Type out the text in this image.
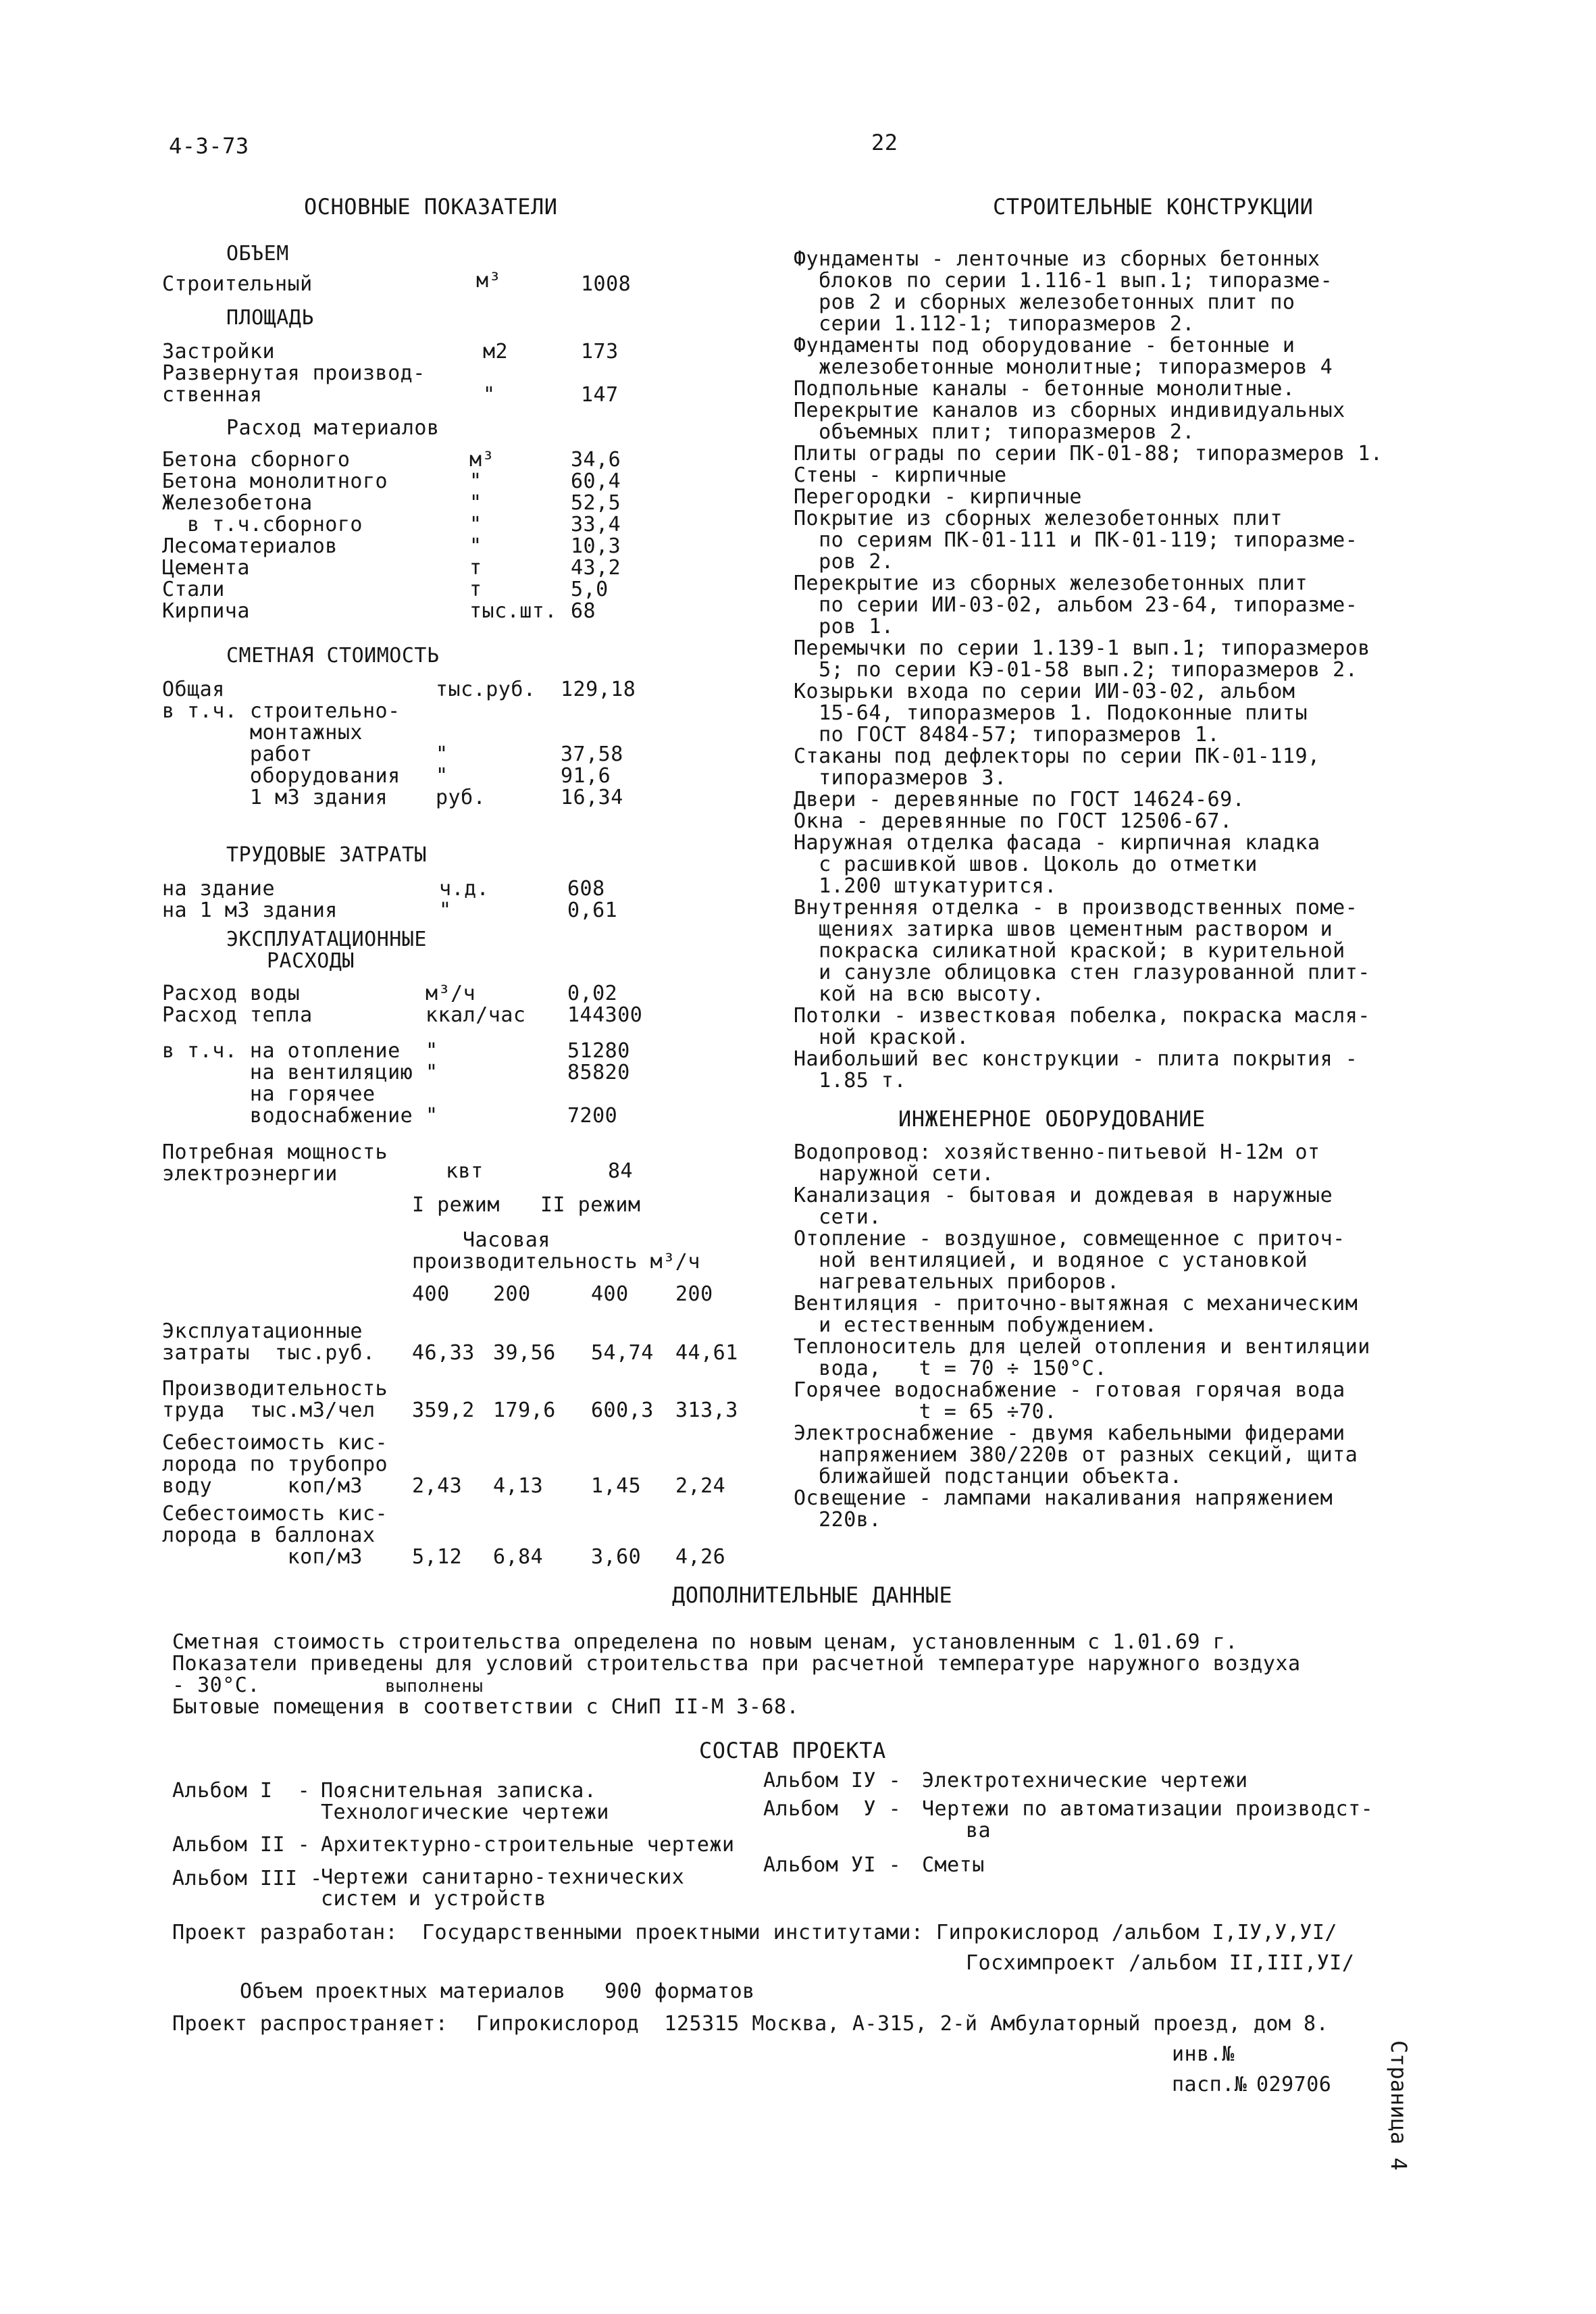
4-3-73	22
ОСНОВНЫЕ ПОКАЗАТЕЛИ
ОБЪЕМ
Строительный	м³	1008
ПЛОЩАДЬ
Застройки	м2	173
Развернутая производ-
ственная	"	147
Расход материалов
Бетона сборного	м³	34,6
Бетона монолитного	"	60,4
Железобетона	"	52,5
в т.ч.сборного	"	33,4
Лесоматериалов	"	10,3
Цемента	т	43,2
Стали	т	5,0
Кирпича	тыс.шт. 68
СМЕТНАЯ СТОИМОСТЬ
Общая	тыс.руб. 129,18
в т.ч. строительно-
монтажных
работ	"	37,58
оборудования "	91,6
1 м3 здания руб.	16,34
ТРУДОВЫЕ ЗАТРАТЫ
на здание	ч.д.	608
на 1 м3 здания	"	0,61
ЭКСПЛУАТАЦИОННЫЕ
РАСХОДЫ
Расход воды	м³/ч	0,02
Расход тепла	ккал/час 144300
в т.ч. на отопление "	51280
на вентиляцию "	85820
на горячее
водоснабжение "	7200
Потребная мощность
электроэнергии	квт	84
I режим II режим
Часовая
производительность м³/ч
400 200	400 200
Эксплуатационные
затраты  тыс.руб. 46,33 39,56 54,74 44,61
Производительность
труда  тыс.м3/чел 359,2 179,6 600,3 313,3
Себестоимость кис-
лорода по трубопро
воду      коп/м3 2,43 4,13 1,45 2,24
Себестоимость кис-
лорода в баллонах
коп/м3 5,12 6,84 3,60 4,26
СТРОИТЕЛЬНЫЕ КОНСТРУКЦИИ
Фундаменты - ленточные из сборных бетонных
блоков по серии 1.116-1 вып.1; типоразме-
ров 2 и сборных железобетонных плит по
серии 1.112-1; типоразмеров 2.
Фундаменты под оборудование - бетонные и
железобетонные монолитные; типоразмеров 4
Подпольные каналы - бетонные монолитные.
Перекрытие каналов из сборных индивидуальных
объемных плит; типоразмеров 2.
Плиты ограды по серии ПК-01-88; типоразмеров 1.
Стены - кирпичные
Перегородки - кирпичные
Покрытие из сборных железобетонных плит
по сериям ПК-01-111 и ПК-01-119; типоразме-
ров 2.
Перекрытие из сборных железобетонных плит
по серии ИИ-03-02, альбом 23-64, типоразме-
ров 1.
Перемычки по серии 1.139-1 вып.1; типоразмеров
5; по серии КЭ-01-58 вып.2; типоразмеров 2.
Козырьки входа по серии ИИ-03-02, альбом
15-64, типоразмеров 1. Подоконные плиты
по ГОСТ 8484-57; типоразмеров 1.
Стаканы под дефлекторы по серии ПК-01-119,
типоразмеров 3.
Двери - деревянные по ГОСТ 14624-69.
Окна - деревянные по ГОСТ 12506-67.
Наружная отделка фасада - кирпичная кладка
с расшивкой швов. Цоколь до отметки
1.200 штукатурится.
Внутренняя отделка - в производственных поме-
щениях затирка швов цементным раствором и
покраска силикатной краской; в курительной
и санузле облицовка стен глазурованной плит-
кой на всю высоту.
Потолки - известковая побелка, покраска масля-
ной краской.
Наибольший вес конструкции - плита покрытия -
1.85 т.
ИНЖЕНЕРНОЕ ОБОРУДОВАНИЕ
Водопровод: хозяйственно-питьевой Н-12м от
наружной сети.
Канализация - бытовая и дождевая в наружные
сети.
Отопление - воздушное, совмещенное с приточ-
ной вентиляцией, и водяное с установкой
нагревательных приборов.
Вентиляция - приточно-вытяжная с механическим
и естественным побуждением.
Теплоноситель для целей отопления и вентиляции
вода,   t = 70 ÷ 150°С.
Горячее водоснабжение - готовая горячая вода
t = 65 ÷70.
Электроснабжение - двумя кабельными фидерами
напряжением 380/220в от разных секций, щита
ближайшей подстанции объекта.
Освещение - лампами накаливания напряжением
220в.
ДОПОЛНИТЕЛЬНЫЕ ДАННЫЕ
Сметная стоимость строительства определена по новым ценам, установленным с 1.01.69 г.
Показатели приведены для условий строительства при расчетной температуре наружного воздуха
- 30°С.	выполнены
Бытовые помещения в соответствии с СНиП II-М 3-68.
СОСТАВ ПРОЕКТА
Альбом I  - Пояснительная записка.
Технологические чертежи
Альбом II - Архитектурно-строительные чертежи
Альбом III -
Чертежи санитарно-технических
систем и устройств
Альбом IУ - Электротехнические чертежи
Альбом  У - Чертежи по автоматизации производст-
ва
Альбом УI - Сметы
Проект разработан: Государственными проектными институтами: Гипрокислород /альбом I,IУ,У,УI/
Госхимпроект /альбом II,III,УI/
Объем проектных материалов 900 форматов
Проект распространяет: Гипрокислород  125315 Москва, А-315, 2-й Амбулаторный проезд, дом 8.
инв.№
пасп.№ 029706	Страница 4
